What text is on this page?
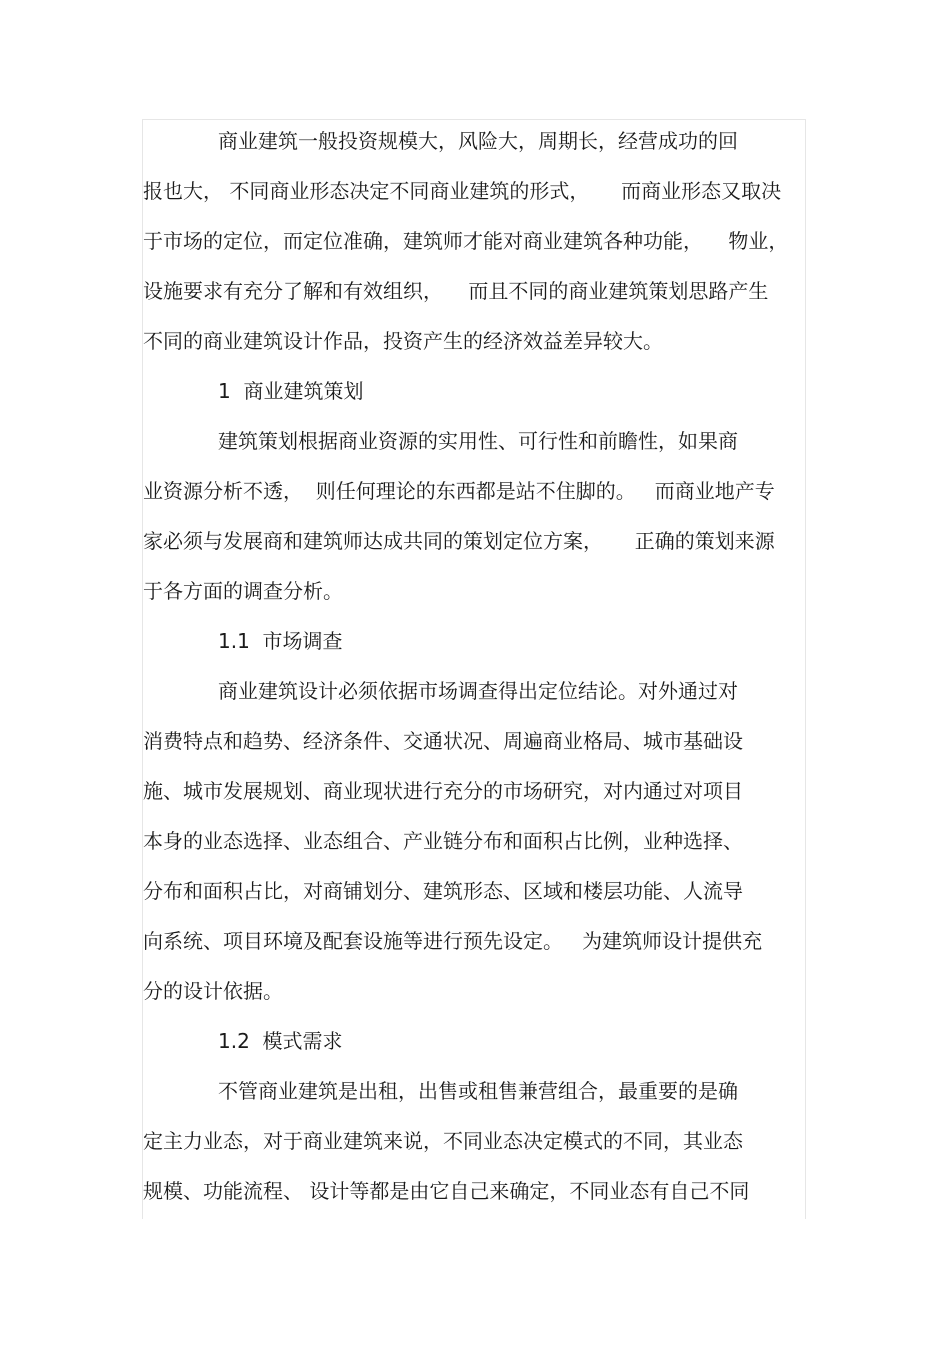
商业建筑一般投资规模大，风险大，周期长，经营成功的回
报也大， 不同商业形态决定不同商业建筑的形式，     而商业形态又取决
于市场的定位，而定位准确，建筑师才能对商业建筑各种功能，    物业，
设施要求有充分了解和有效组织，    而且不同的商业建筑策划思路产生
不同的商业建筑设计作品，投资产生的经济效益差异较大。
1  商业建筑策划
建筑策划根据商业资源的实用性、可行性和前瞻性，如果商
业资源分析不透，  则任何理论的东西都是站不住脚的。   而商业地产专
家必须与发展商和建筑师达成共同的策划定位方案，     正确的策划来源
于各方面的调查分析。
1.1  市场调查
商业建筑设计必须依据市场调查得出定位结论。对外通过对
消费特点和趋势、经济条件、交通状况、周遍商业格局、城市基础设
施、城市发展规划、商业现状进行充分的市场研究，对内通过对项目
本身的业态选择、业态组合、产业链分布和面积占比例，业种选择、
分布和面积占比，对商铺划分、建筑形态、区域和楼层功能、人流导
向系统、项目环境及配套设施等进行预先设定。   为建筑师设计提供充
分的设计依据。
1.2  模式需求
不管商业建筑是出租，出售或租售兼营组合，最重要的是确
定主力业态，对于商业建筑来说，不同业态决定模式的不同，其业态
规模、功能流程、 设计等都是由它自己来确定，不同业态有自己不同
